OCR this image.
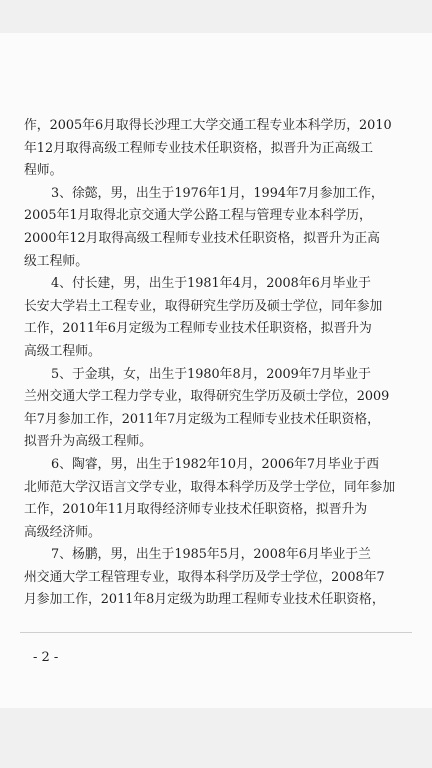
作，2005年6月取得长沙理工大学交通工程专业本科学历，2010
年12月取得高级工程师专业技术任职资格，拟晋升为正高级工
程师。
3、徐懿，男，出生于1976年1月，1994年7月参加工作，
2005年1月取得北京交通大学公路工程与管理专业本科学历，
2000年12月取得高级工程师专业技术任职资格，拟晋升为正高
级工程师。
4、付长建，男，出生于1981年4月，2008年6月毕业于
长安大学岩土工程专业，取得研究生学历及硕士学位，同年参加
工作，2011年6月定级为工程师专业技术任职资格，拟晋升为
高级工程师。
5、于金琪，女，出生于1980年8月，2009年7月毕业于
兰州交通大学工程力学专业，取得研究生学历及硕士学位，2009
年7月参加工作，2011年7月定级为工程师专业技术任职资格，
拟晋升为高级工程师。
6、陶睿，男，出生于1982年10月，2006年7月毕业于西
北师范大学汉语言文学专业，取得本科学历及学士学位，同年参加
工作，2010年11月取得经济师专业技术任职资格，拟晋升为
高级经济师。
7、杨鹏，男，出生于1985年5月，2008年6月毕业于兰
州交通大学工程管理专业，取得本科学历及学士学位，2008年7
月参加工作，2011年8月定级为助理工程师专业技术任职资格，
- 2 -
